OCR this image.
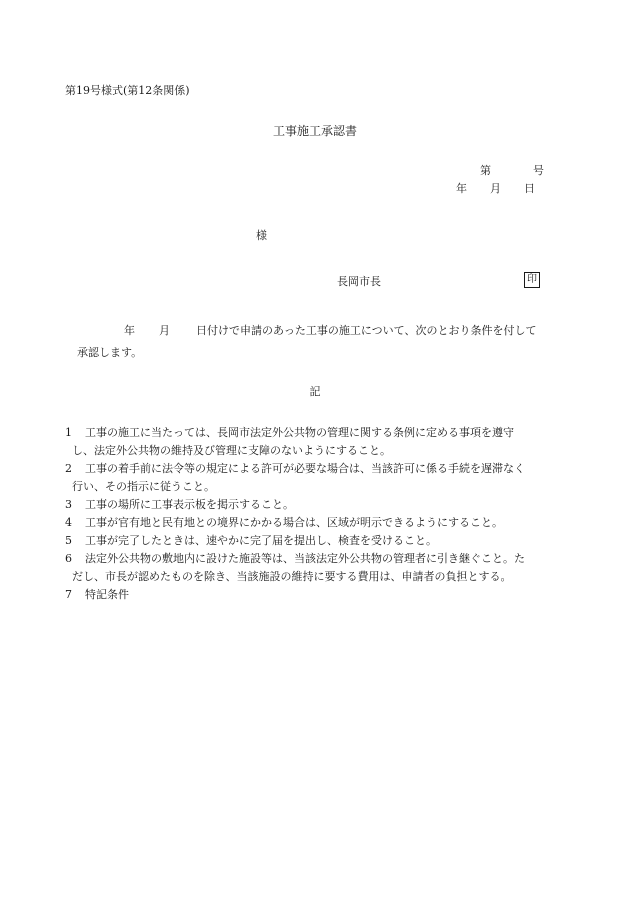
第19号様式(第12条関係)
工事施工承認書
第	号
年 月 日
様
長岡市長	印
年 月 日付けで申請のあった工事の施工について、次のとおり条件を付して
承認します。
記
1 工事の施工に当たっては、長岡市法定外公共物の管理に関する条例に定める事項を遵守
し、法定外公共物の維持及び管理に支障のないようにすること。
2 工事の着手前に法令等の規定による許可が必要な場合は、当該許可に係る手続を遅滞なく
行い、その指示に従うこと。
3 工事の場所に工事表示板を掲示すること。
4 工事が官有地と民有地との境界にかかる場合は、区域が明示できるようにすること。
5 工事が完了したときは、速やかに完了届を提出し、検査を受けること。
6 法定外公共物の敷地内に設けた施設等は、当該法定外公共物の管理者に引き継ぐこと。た
だし、市長が認めたものを除き、当該施設の維持に要する費用は、申請者の負担とする。
7 特記条件
